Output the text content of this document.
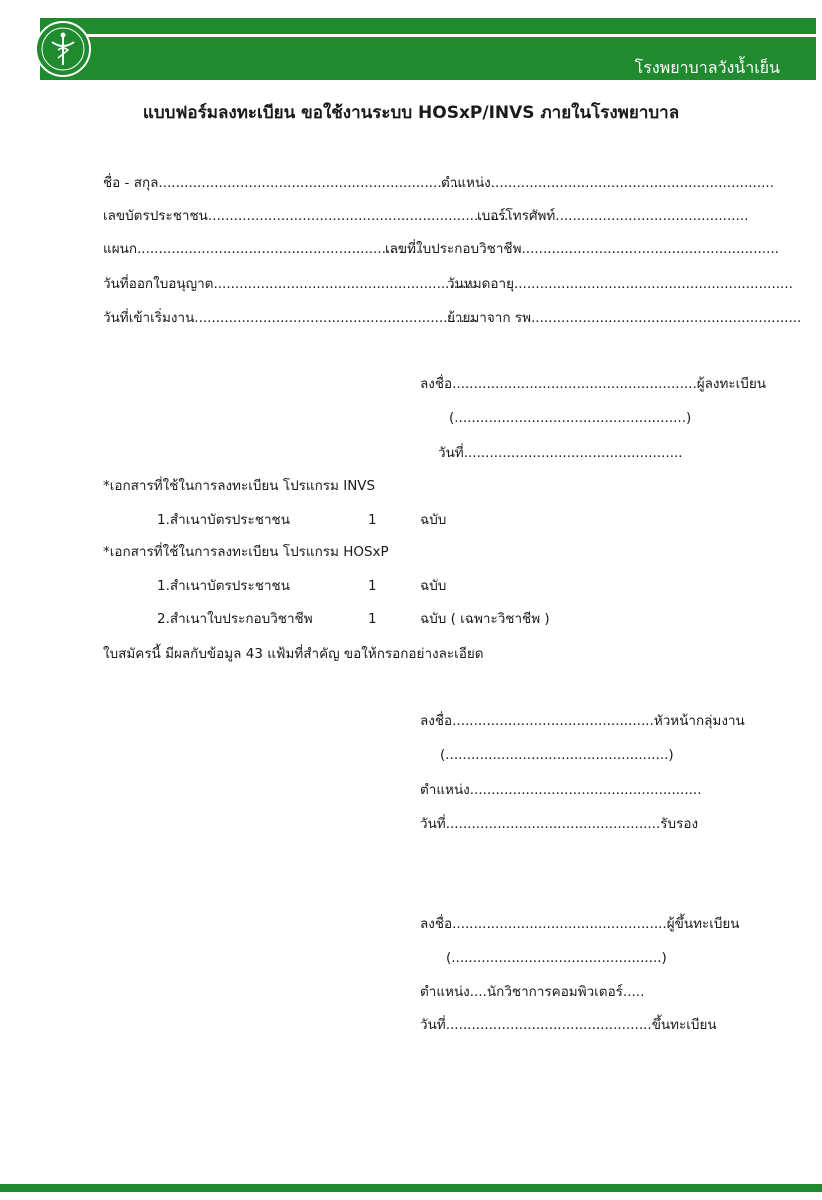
โรงพยาบาลวังน้ำเย็น
แบบฟอร์มลงทะเบียน ขอใช้งานระบบ HOSxP/INVS ภายในโรงพยาบาล
ชื่อ - สกุล.......................................................................
ตำแหน่ง..................................................................
เลขบัตรประชาชน......................................................................
เบอร์โทรศัพท์.............................................
แผนก..................................................................
เลขที่ใบประกอบวิชาชีพ............................................................
วันที่ออกใบอนุญาต.............................................................
วันหมดอายุ.................................................................
วันที่เข้าเริ่มงาน..................................................................
ย้ายมาจาก รพ...............................................................
ลงชื่อ.........................................................ผู้ลงทะเบียน
(......................................................)
วันที่...................................................
*เอกสารที่ใช้ในการลงทะเบียน โปรแกรม INVS
1.สำเนาบัตรประชาชน	1	ฉบับ
*เอกสารที่ใช้ในการลงทะเบียน โปรแกรม HOSxP
1.สำเนาบัตรประชาชน	1	ฉบับ
2.สำเนาใบประกอบวิชาชีพ	1	ฉบับ ( เฉพาะวิชาชีพ )
ใบสมัครนี้ มีผลกับข้อมูล 43 แฟ้มที่สำคัญ ขอให้กรอกอย่างละเอียด
ลงชื่อ...............................................หัวหน้ากลุ่มงาน
(....................................................)
ตำแหน่ง......................................................
วันที่..................................................รับรอง
ลงชื่อ..................................................ผู้ขึ้นทะเบียน
(.................................................)
ตำแหน่ง....นักวิชาการคอมพิวเตอร์.....
วันที่................................................ขึ้นทะเบียน
